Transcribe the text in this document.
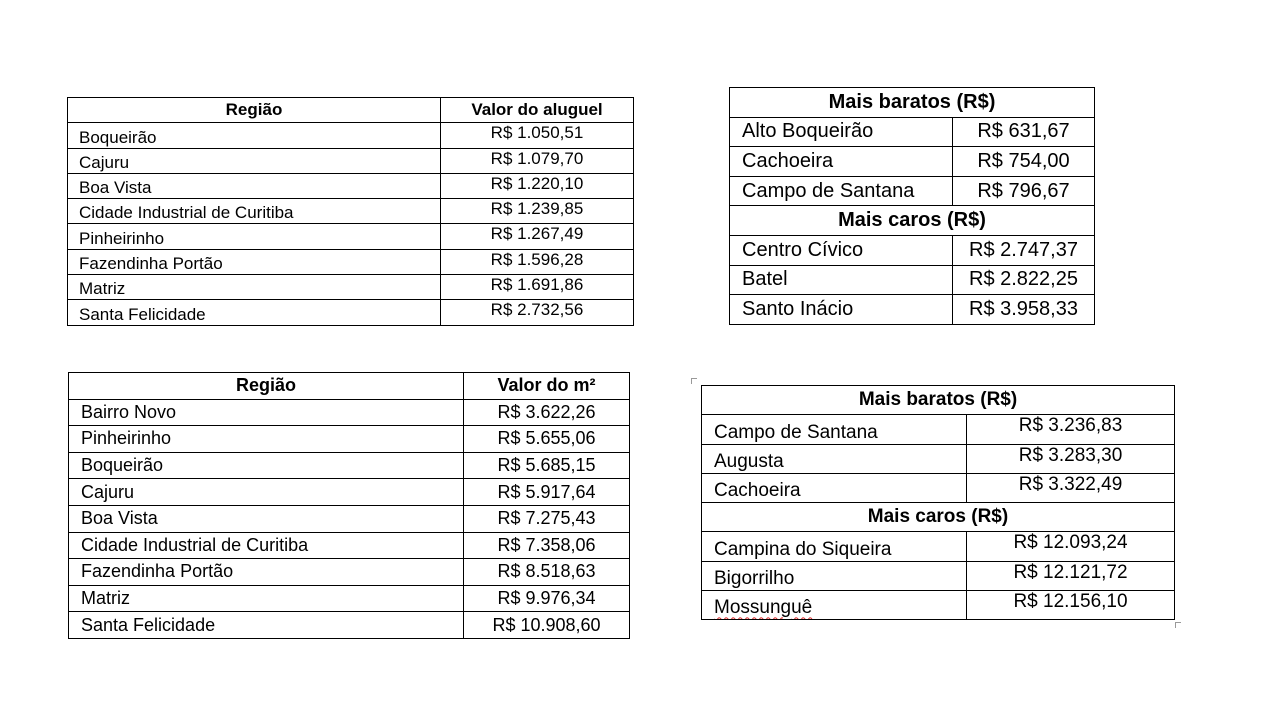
Região	Valor do aluguel
Boqueirão	R$ 1.050,51
Cajuru	R$ 1.079,70
Boa Vista	R$ 1.220,10
Cidade Industrial de Curitiba	R$ 1.239,85
Pinheirinho	R$ 1.267,49
Fazendinha Portão	R$ 1.596,28
Matriz	R$ 1.691,86
Santa Felicidade	R$ 2.732,56
Região	Valor do m²
Bairro Novo	R$ 3.622,26
Pinheirinho	R$ 5.655,06
Boqueirão	R$ 5.685,15
Cajuru	R$ 5.917,64
Boa Vista	R$ 7.275,43
Cidade Industrial de Curitiba	R$ 7.358,06
Fazendinha Portão	R$ 8.518,63
Matriz	R$ 9.976,34
Santa Felicidade	R$ 10.908,60
Mais baratos (R$)	
Alto Boqueirão	R$ 631,67
Cachoeira	R$ 754,00
Campo de Santana	R$ 796,67
Mais caros (R$)	
Centro Cívico	R$ 2.747,37
Batel	R$ 2.822,25
Santo Inácio	R$ 3.958,33
Mais baratos (R$)	
Campo de Santana	R$ 3.236,83
Augusta	R$ 3.283,30
Cachoeira	R$ 3.322,49
Mais caros (R$)	
Campina do Siqueira	R$ 12.093,24
Bigorrilho	R$ 12.121,72
Mossunguê	R$ 12.156,10
